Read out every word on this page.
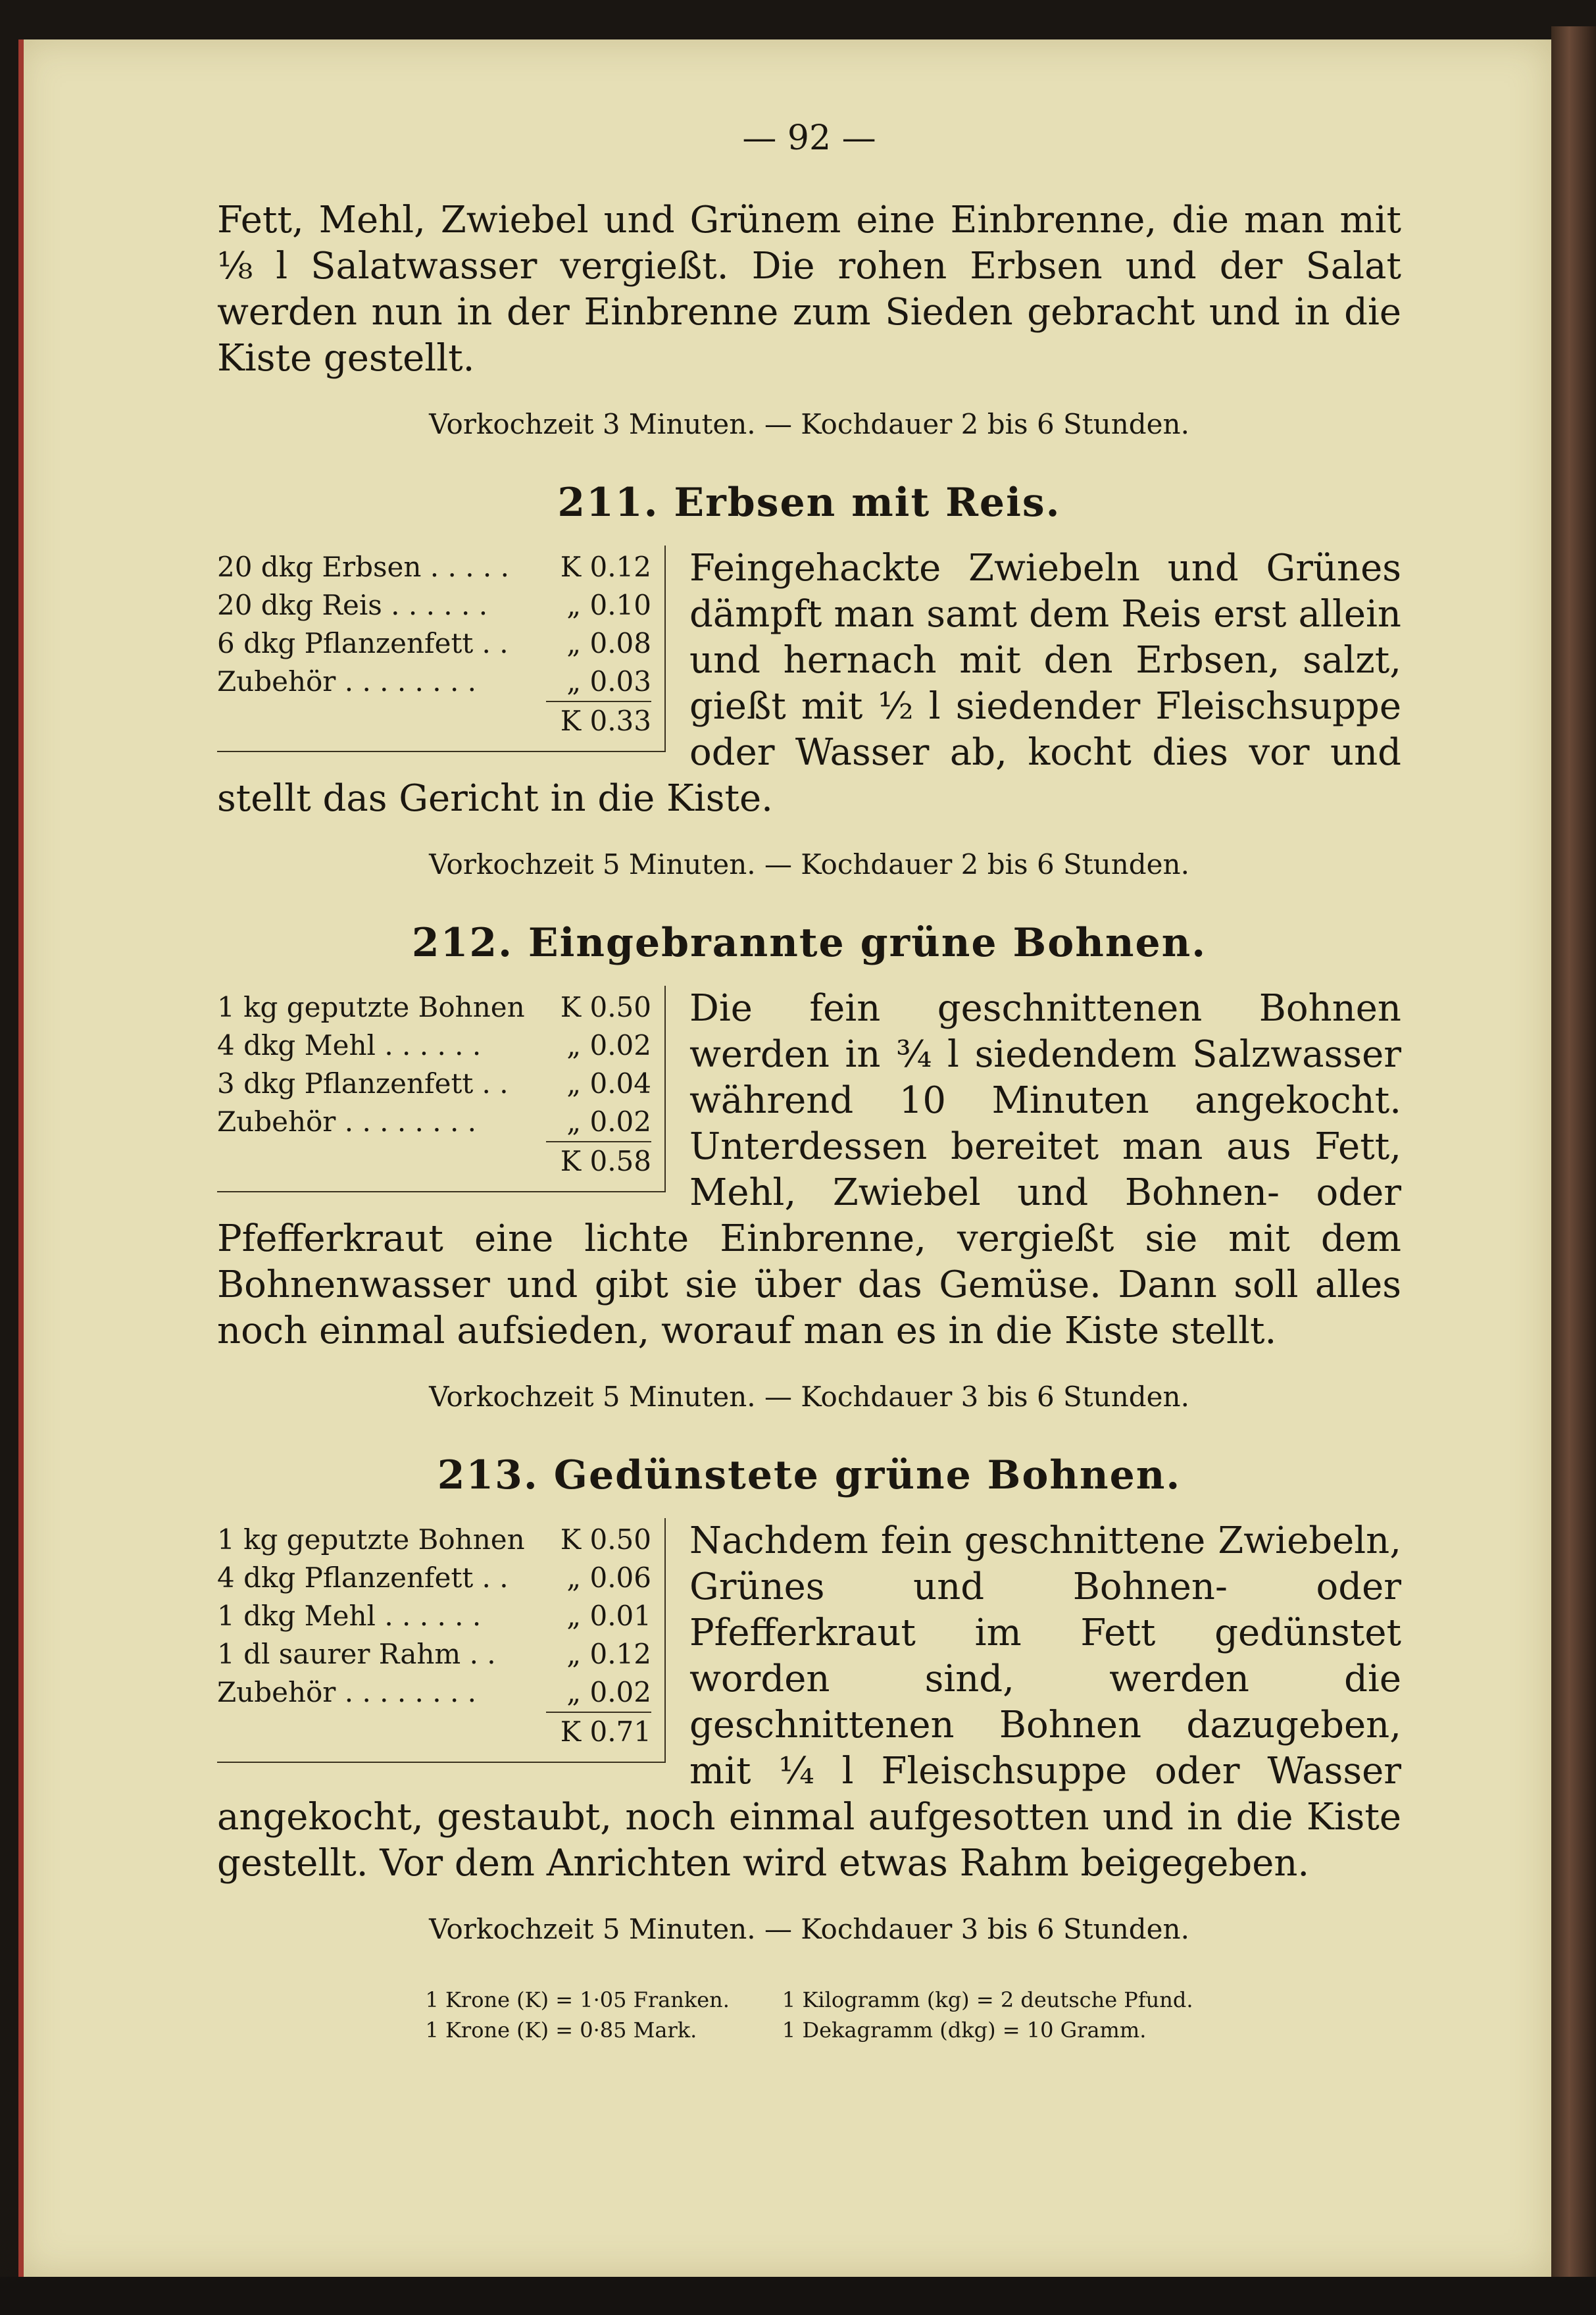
— 92 —

Fett, Mehl, Zwiebel und Grünem eine Einbrenne, die man mit ⅛ l Salatwasser vergießt. Die rohen Erbsen und der Salat werden nun in der Einbrenne zum Sieden gebracht und in die Kiste gestellt.

Vorkochzeit 3 Minuten. — Kochdauer 2 bis 6 Stunden.
211. Erbsen mit Reis.
20 dkg Erbsen . . . . . K 0.12
20 dkg Reis . . . . . .	„ 0.10
6 dkg Pflanzenfett . . „ 0.08
Zubehör . . . . . . . .	„ 0.03
K 0.33
Feingehackte Zwiebeln und Grünes dämpft man samt dem Reis erst allein und hernach mit den Erbsen, salzt, gießt mit ½ l siedender Fleischsuppe oder Wasser ab, kocht dies vor und stellt das Gericht in die Kiste.
Vorkochzeit 5 Minuten. — Kochdauer 2 bis 6 Stunden.
212. Eingebrannte grüne Bohnen.
1 kg geputzte Bohnen K 0.50
4 dkg Mehl . . . . . .	„ 0.02
3 dkg Pflanzenfett . . „ 0.04
Zubehör . . . . . . . .	„ 0.02
K 0.58
Die fein geschnittenen Bohnen werden in ¾ l siedendem Salzwasser während 10 Minuten angekocht. Unterdessen bereitet man aus Fett, Mehl, Zwiebel und Bohnen- oder Pfefferkraut eine lichte Einbrenne, vergießt sie mit dem Bohnenwasser und gibt sie über das Gemüse. Dann soll alles noch einmal aufsieden, worauf man es in die Kiste stellt.
Vorkochzeit 5 Minuten. — Kochdauer 3 bis 6 Stunden.
213. Gedünstete grüne Bohnen.
1 kg geputzte Bohnen K 0.50
4 dkg Pflanzenfett . . „ 0.06
1 dkg Mehl . . . . . .	„ 0.01
1 dl saurer Rahm . .	„ 0.12
Zubehör . . . . . . . .	„ 0.02
K 0.71
Nachdem fein geschnittene Zwiebeln, Grünes und Bohnen- oder Pfefferkraut im Fett gedünstet worden sind, werden die geschnittenen Bohnen dazugeben, mit ¼ l Fleischsuppe oder Wasser angekocht, gestaubt, noch einmal aufgesotten und in die Kiste gestellt. Vor dem Anrichten wird etwas Rahm beigegeben.
Vorkochzeit 5 Minuten. — Kochdauer 3 bis 6 Stunden.
1 Krone (K) = 1·05 Franken.
1 Krone (K) = 0·85 Mark.
1 Kilogramm (kg) = 2 deutsche Pfund.
1 Dekagramm (dkg) = 10 Gramm.
